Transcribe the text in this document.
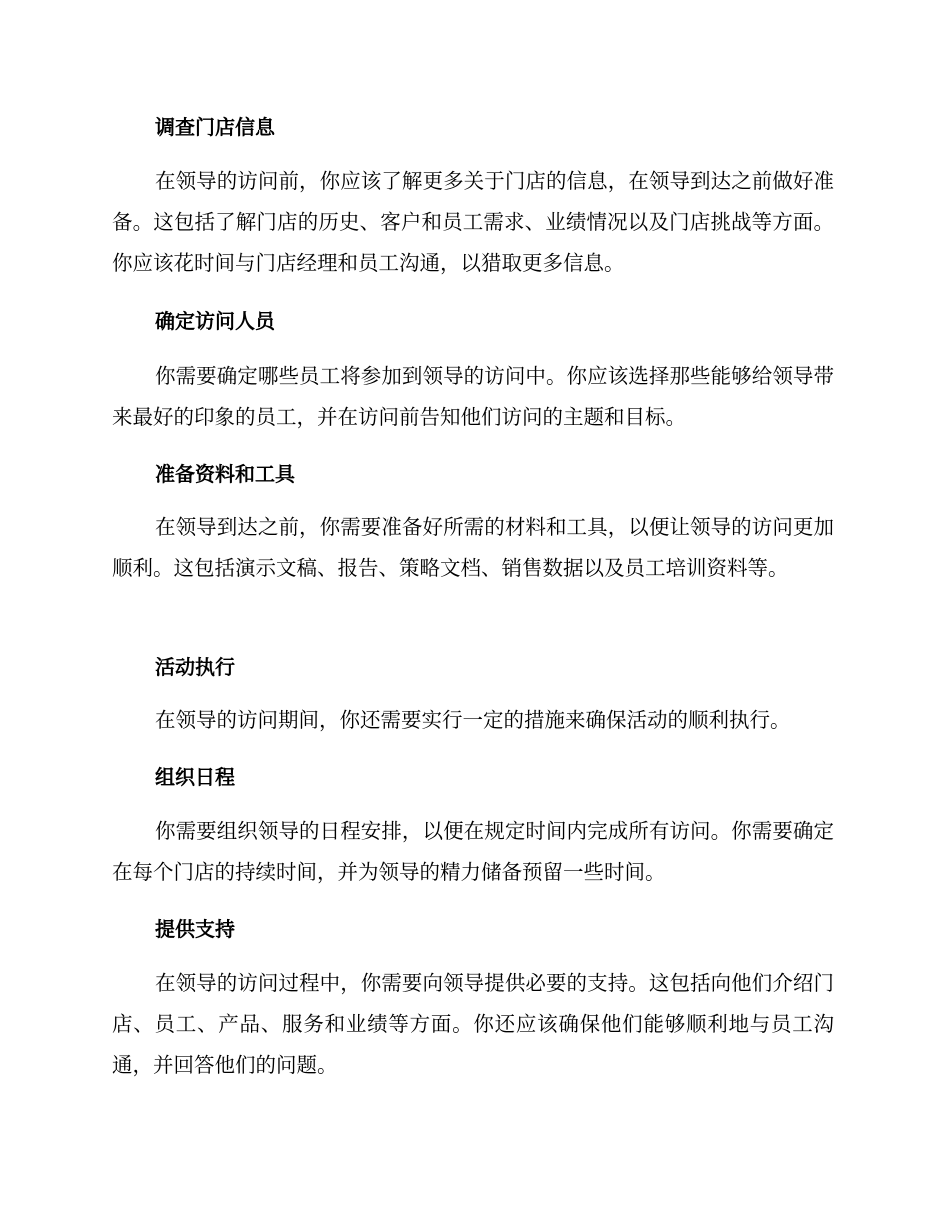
调查门店信息

在领导的访问前，你应该了解更多关于门店的信息，在领导到达之前做好准备。这包括了解门店的历史、客户和员工需求、业绩情况以及门店挑战等方面。你应该花时间与门店经理和员工沟通，以猎取更多信息。

确定访问人员

你需要确定哪些员工将参加到领导的访问中。你应该选择那些能够给领导带来最好的印象的员工，并在访问前告知他们访问的主题和目标。

准备资料和工具

在领导到达之前，你需要准备好所需的材料和工具，以便让领导的访问更加顺利。这包括演示文稿、报告、策略文档、销售数据以及员工培训资料等。

活动执行

在领导的访问期间，你还需要实行一定的措施来确保活动的顺利执行。

组织日程

你需要组织领导的日程安排，以便在规定时间内完成所有访问。你需要确定在每个门店的持续时间，并为领导的精力储备预留一些时间。

提供支持

在领导的访问过程中，你需要向领导提供必要的支持。这包括向他们介绍门店、员工、产品、服务和业绩等方面。你还应该确保他们能够顺利地与员工沟通，并回答他们的问题。
